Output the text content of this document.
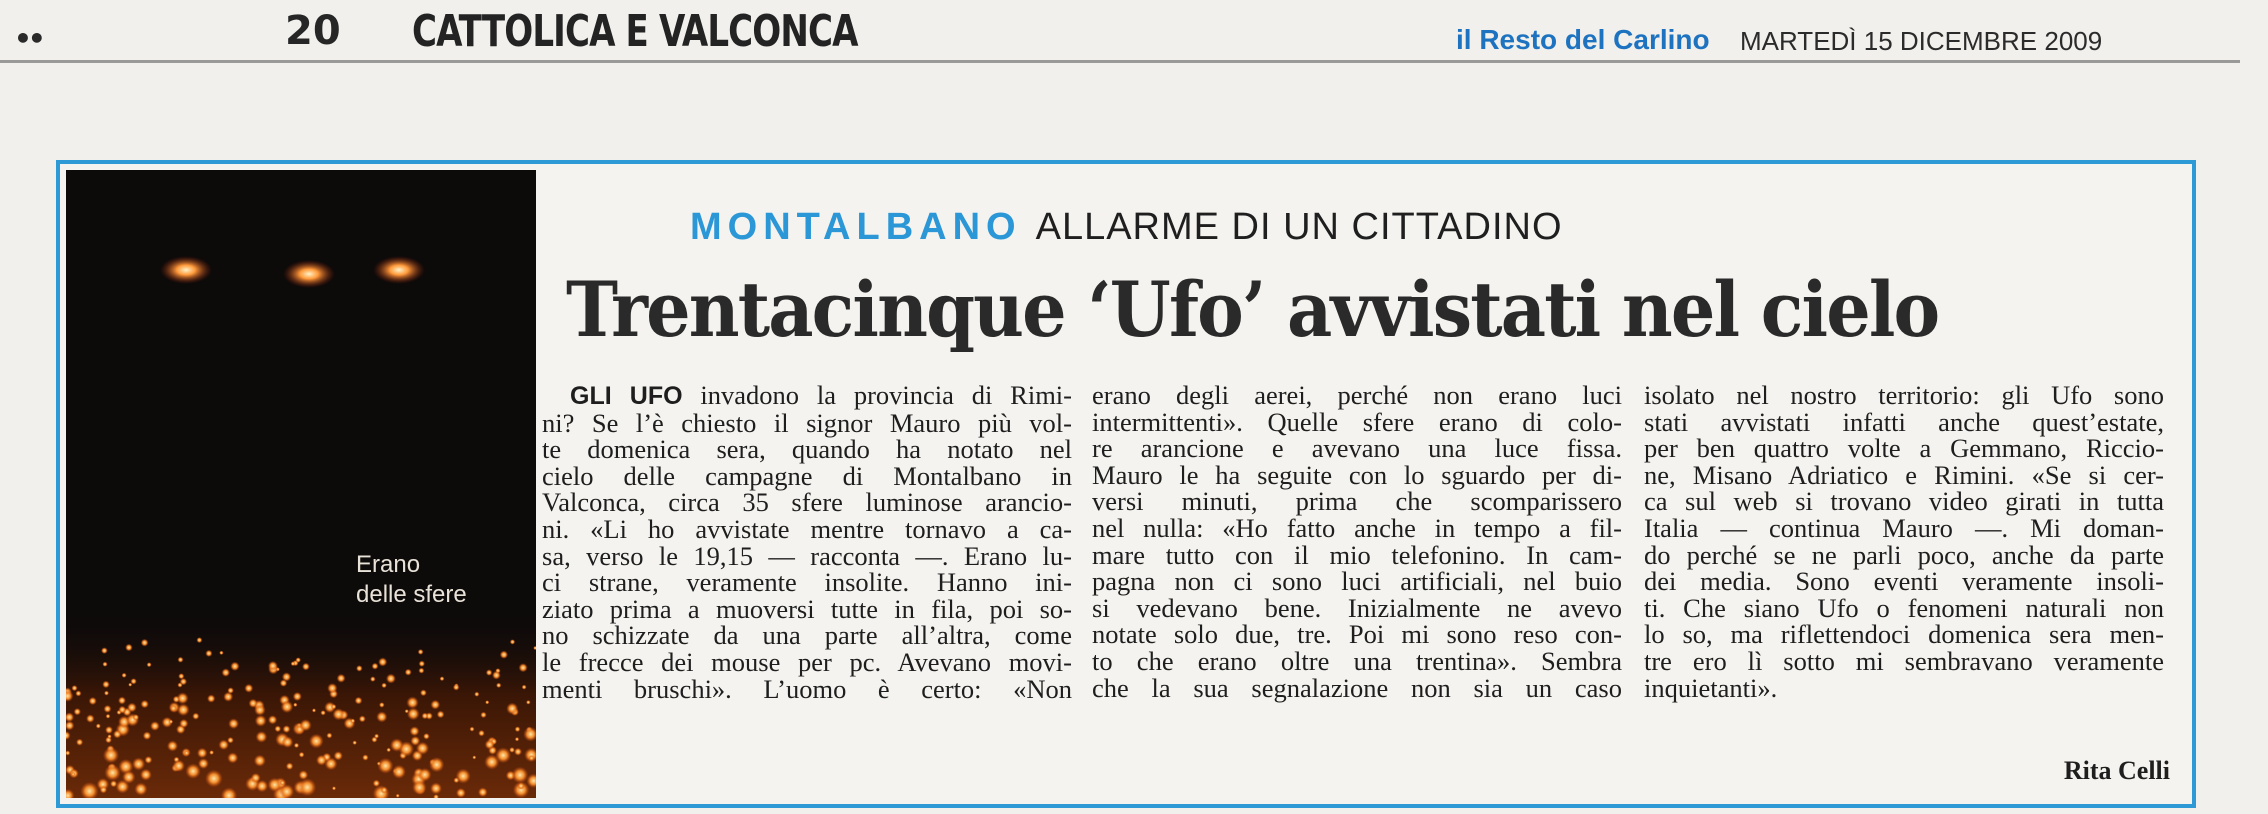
••	20 CATTOLICA E VALCONCA	il Resto del Carlino MARTEDÌ 15 DICEMBRE 2009
Erano
delle sfere
MONTALBANO ALLARME DI UN CITTADINO
Trentacinque ‘Ufo’ avvistati nel cielo
GLI UFO invadono la provincia di Rimi-
ni? Se l’è chiesto il signor Mauro più vol-
te domenica sera, quando ha notato nel
cielo delle campagne di Montalbano in
Valconca, circa 35 sfere luminose arancio-
ni. «Li ho avvistate mentre tornavo a ca-
sa, verso le 19,15 — racconta —. Erano lu-
ci strane, veramente insolite. Hanno ini-
ziato prima a muoversi tutte in fila, poi so-
no schizzate da una parte all’altra, come
le frecce dei mouse per pc. Avevano movi-
menti bruschi». L’uomo è certo: «Non
erano degli aerei, perché non erano luci
intermittenti». Quelle sfere erano di colo-
re arancione e avevano una luce fissa.
Mauro le ha seguite con lo sguardo per di-
versi minuti, prima che scomparissero
nel nulla: «Ho fatto anche in tempo a fil-
mare tutto con il mio telefonino. In cam-
pagna non ci sono luci artificiali, nel buio
si vedevano bene. Inizialmente ne avevo
notate solo due, tre. Poi mi sono reso con-
to che erano oltre una trentina». Sembra
che la sua segnalazione non sia un caso
isolato nel nostro territorio: gli Ufo sono
stati avvistati infatti anche quest’estate,
per ben quattro volte a Gemmano, Riccio-
ne, Misano Adriatico e Rimini. «Se si cer-
ca sul web si trovano video girati in tutta
Italia — continua Mauro —. Mi doman-
do perché se ne parli poco, anche da parte
dei media. Sono eventi veramente insoli-
ti. Che siano Ufo o fenomeni naturali non
lo so, ma riflettendoci domenica sera men-
tre ero lì sotto mi sembravano veramente
inquietanti».
Rita Celli
